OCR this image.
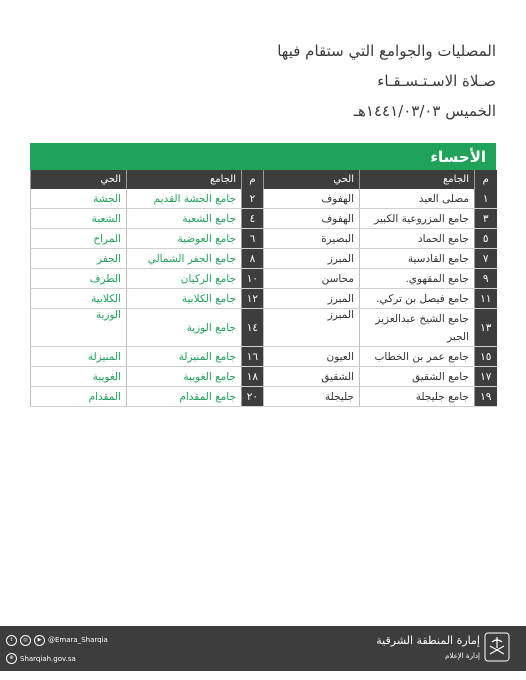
المصليات والجوامع التي ستقام فيها
صـلاة الاسـتـسـقـاء
الخميس ١٤٤١/٠٣/٠٣هـ
الأحساء
م	الجامع	الحي	م	الجامع	الحي
١	مصلى العيد	الهفوف	٢	جامع الجشة القديم	الجشة
٣	جامع المزروعية الكبير	الهفوف	٤	جامع الشعبة	الشعبة
٥	جامع الحماد	البصيرة	٦	جامع العوضية	المراح
٧	جامع القادسية	المبرز	٨	جامع الجفر الشمالي	الجفر
٩	جامع المقهوي.	محاسن	١٠	جامع الركيان	الطرف
١١	جامع فيصل بن تركي.	المبرز	١٢	جامع الكلابية	الكلابية
١٣	جامع الشيخ عبدالعزيز الجبر	المبرز	١٤	جامع الوزية	الوزية
١٥	جامع عمر بن الخطاب	العيون	١٦	جامع المنيزلة	المنيزلة
١٧	جامع الشقيق	الشقيق	١٨	جامع الغويبة	الغويبة
١٩	جامع جليجلة	جليجلة	٢٠	جامع المقدام	المقدام
إمارة المنطقة الشرقية
إدارة الإعلام
t	◎	▶ @Emara_Sharqia
⊕ Sharqiah.gov.sa
